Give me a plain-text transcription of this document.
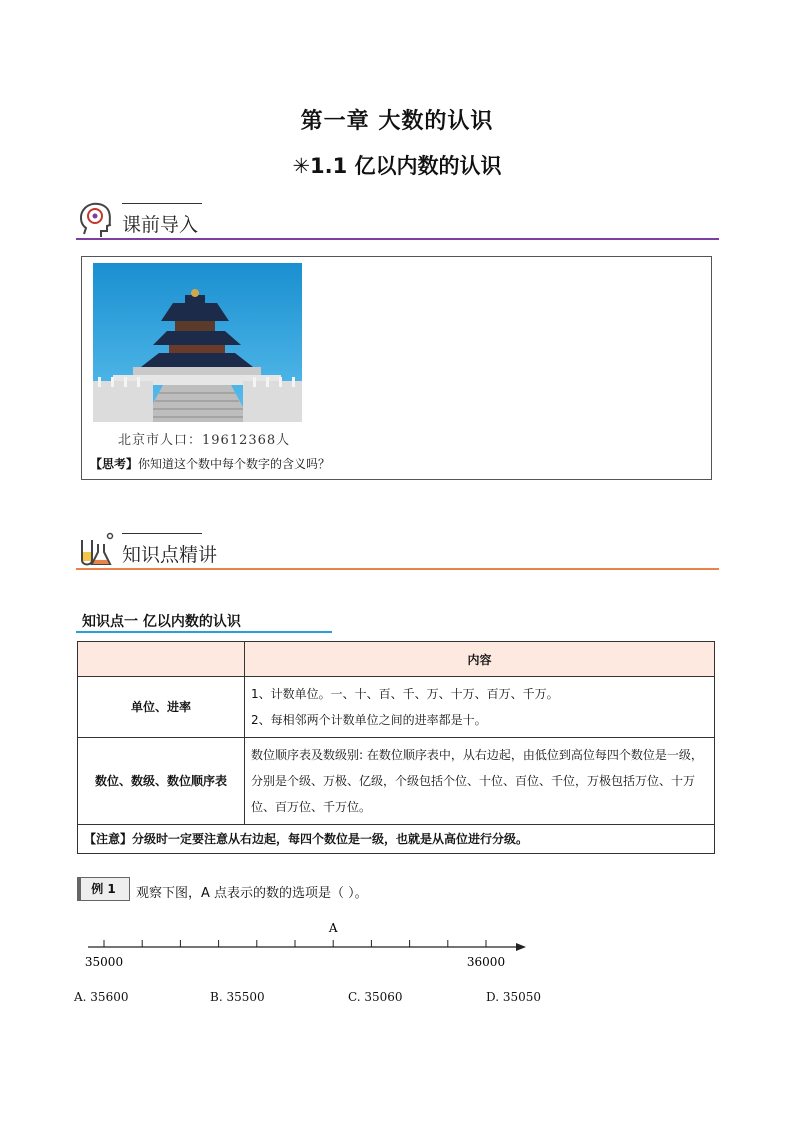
第一章 大数的认识
✳1.1 亿以内数的认识
课前导入
北京市人口：19612368人
【思考】你知道这个数中每个数字的含义吗？
知识点精讲
知识点一 亿以内数的认识
	内容
单位、进率	1、计数单位。一、十、百、千、万、十万、百万、千万。

2、每相邻两个计数单位之间的进率都是十。

数位、数级、数位顺序表	数位顺序表及数级别: 在数位顺序表中，从右边起，由低位到高位每四个数位是一级，分别是个级、万极、亿级，个级包括个位、十位、百位、千位，万极包括万位、十万位、百万位、千万位。

【注意】分级时一定要注意从右边起，每四个数位是一级，也就是从高位进行分级。	
例 1	观察下图，A 点表示的数的选项是（ ）。
A
35000	36000
A. 35600	B. 35500	C. 35060	D. 35050
